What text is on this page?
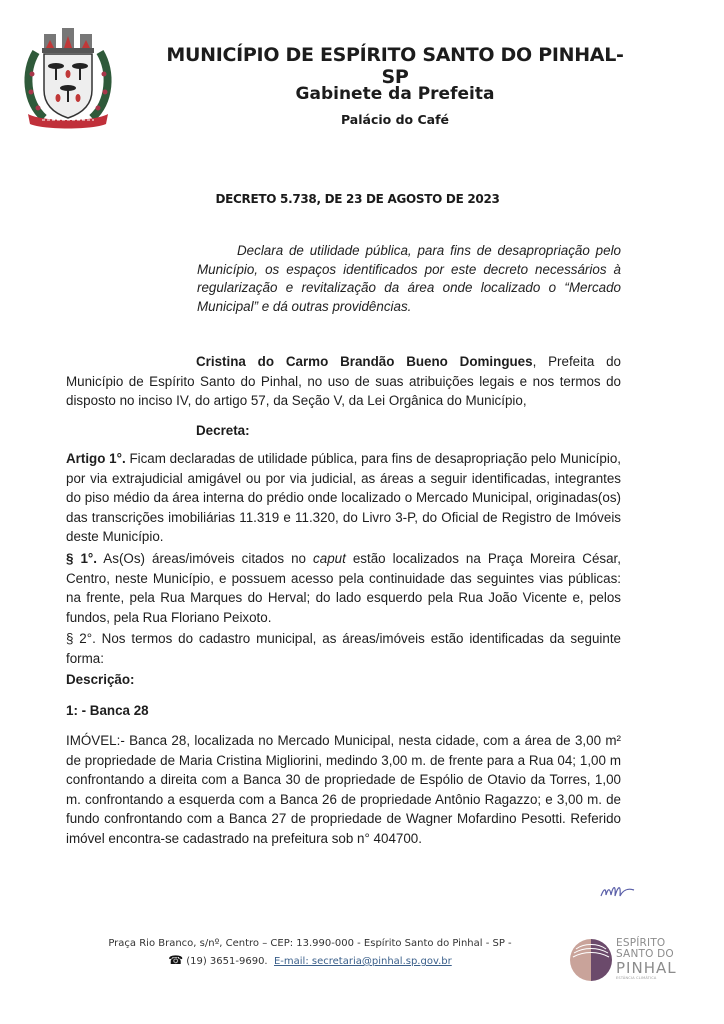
MUNICÍPIO DE ESPÍRITO SANTO DO PINHAL-SP
Gabinete da Prefeita
Palácio do Café
DECRETO 5.738, DE 23 DE AGOSTO DE 2023
Declara de utilidade pública, para fins de desapropriação pelo Município, os espaços identificados por este decreto necessários à regularização e revitalização da área onde localizado o “Mercado Municipal” e dá outras providências.
Cristina do Carmo Brandão Bueno Domingues, Prefeita do Município de Espírito Santo do Pinhal, no uso de suas atribuições legais e nos termos do disposto no inciso IV, do artigo 57, da Seção V, da Lei Orgânica do Município,
Decreta:
Artigo 1°. Ficam declaradas de utilidade pública, para fins de desapropriação pelo Município, por via extrajudicial amigável ou por via judicial, as áreas a seguir identificadas, integrantes do piso médio da área interna do prédio onde localizado o Mercado Municipal, originadas(os) das transcrições imobiliárias 11.319 e 11.320, do Livro 3-P, do Oficial de Registro de Imóveis deste Município.
§ 1°. As(Os) áreas/imóveis citados no caput estão localizados na Praça Moreira César, Centro, neste Município, e possuem acesso pela continuidade das seguintes vias públicas: na frente, pela Rua Marques do Herval; do lado esquerdo pela Rua João Vicente e, pelos fundos, pela Rua Floriano Peixoto.
§ 2°. Nos termos do cadastro municipal, as áreas/imóveis estão identificadas da seguinte forma:
Descrição:
1: - Banca 28
IMÓVEL:- Banca 28, localizada no Mercado Municipal, nesta cidade, com a área de 3,00 m² de propriedade de Maria Cristina Migliorini, medindo 3,00 m. de frente para a Rua 04; 1,00 m confrontando a direita com a Banca 30 de propriedade de Espólio de Otavio da Torres, 1,00 m. confrontando a esquerda com a Banca 26 de propriedade Antônio Ragazzo; e 3,00 m. de fundo confrontando com a Banca 27 de propriedade de Wagner Mofardino Pesotti. Referido imóvel encontra-se cadastrado na prefeitura sob n° 404700.
Praça Rio Branco, s/nº, Centro – CEP: 13.990-000 - Espírito Santo do Pinhal - SP -
☎ (19) 3651-9690. E-mail: secretaria@pinhal.sp.gov.br
ESPÍRITO
SANTO DO
PINHAL
ESTÂNCIA CLIMÁTICA
